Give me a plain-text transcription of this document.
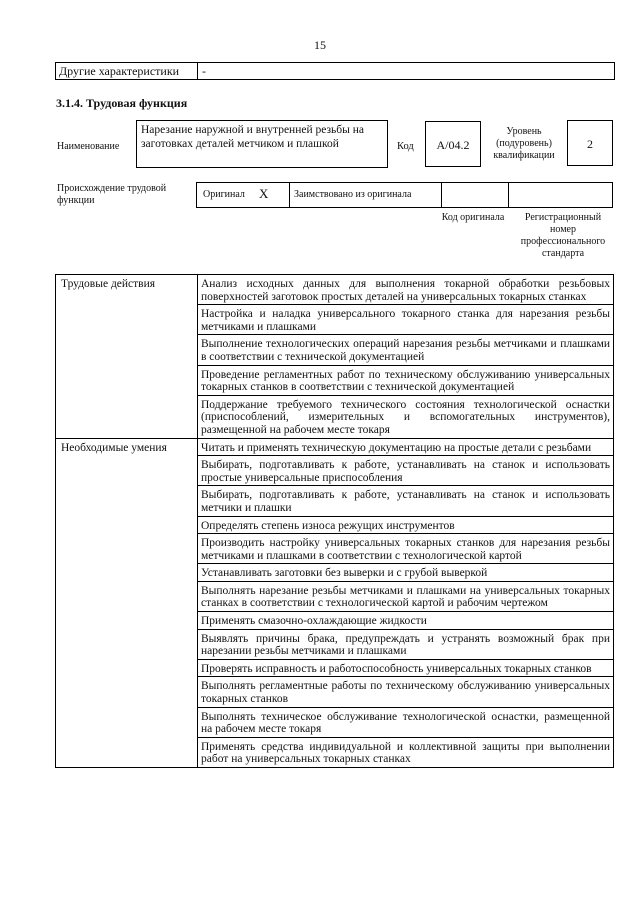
15
Другие характеристики	-
3.1.4. Трудовая функция
Наименование
Нарезание наружной и внутренней резьбы на заготовках деталей метчиком и плашкой	Код	A/04.2
Уровень (подуровень) квалификации
2
Происхождение трудовой функции
Оригинал X	Заимствовано из оригинала
Код оригинала	Регистрационный номер профессионального стандарта
Трудовые действия	Анализ исходных данных для выполнения токарной обработки резьбовых поверхностей заготовок простых деталей на универсальных токарных станках
	Настройка и наладка универсального токарного станка для нарезания резьбы метчиками и плашками
	Выполнение технологических операций нарезания резьбы метчиками и плашками в соответствии с технической документацией
	Проведение регламентных работ по техническому обслуживанию универсальных токарных станков в соответствии с технической документацией
	Поддержание требуемого технического состояния технологической оснастки (приспособлений, измерительных и вспомогательных инструментов), размещенной на рабочем месте токаря
Необходимые умения	Читать и применять техническую документацию на простые детали с резьбами
	Выбирать, подготавливать к работе, устанавливать на станок и использовать простые универсальные приспособления
	Выбирать, подготавливать к работе, устанавливать на станок и использовать метчики и плашки
	Определять степень износа режущих инструментов
	Производить настройку универсальных токарных станков для нарезания резьбы метчиками и плашками в соответствии с технологической картой
	Устанавливать заготовки без выверки и с грубой выверкой
	Выполнять нарезание резьбы метчиками и плашками на универсальных токарных станках в соответствии с технологической картой и рабочим чертежом
	Применять смазочно-охлаждающие жидкости
	Выявлять причины брака, предупреждать и устранять возможный брак при нарезании резьбы метчиками и плашками
	Проверять исправность и работоспособность универсальных токарных станков
	Выполнять регламентные работы по техническому обслуживанию универсальных токарных станков
	Выполнять техническое обслуживание технологической оснастки, размещенной на рабочем месте токаря
	Применять средства индивидуальной и коллективной защиты при выполнении работ на универсальных токарных станках
